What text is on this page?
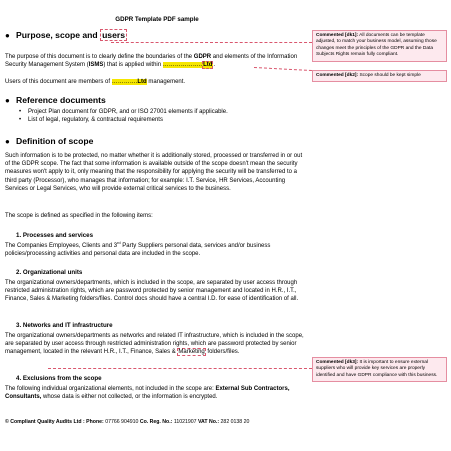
GDPR Template PDF sample
● Purpose, scope and users
The purpose of this document is to clearly define the boundaries of the GDPR and elements of the Information Security Management System (ISMS) that is applied within ………………..Ltd.
Users of this document are members of ………….Ltd management.
● Reference documents
• Project Plan document for GDPR, and or ISO 27001 elements if applicable.
• List of legal, regulatory, & contractual requirements
● Definition of scope
Such information is to be protected, no matter whether it is additionally stored, processed or transferred in or out of the GDPR scope. The fact that some information is available outside of the scope doesn't mean the security measures won't apply to it, only meaning that the responsibility for applying the security will be transferred to a third party (Processor), who manages that information; for example: I.T. Service, HR Services, Accounting Services or Legal Services, who will provide external critical services to the business.
The scope is defined as specified in the following items:
1. Processes and services
The Companies Employees, Clients and 3rd Party Suppliers personal data, services and/or business policies/processing activities and personal data are included in the scope.
2. Organizational units
The organizational owners/departments, which is included in the scope, are separated by user access through restricted administration rights, which are password protected by senior management and located in H.R., I.T., Finance, Sales & Marketing folders/files. Control docs should have a central I.D. for ease of identification of all.
3. Networks and IT infrastructure
The organizational owners/departments as networks and related IT infrastructure, which is included in the scope, are separated by user access through restricted administration rights, which are password protected by senior management, located in the relevant H.R., I.T., Finance, Sales & Marketing folders/files.
4. Exclusions from the scope
The following individual organizational elements, not included in the scope are: External Sub Contractors, Consultants, whose data is either not collected, or the information is encrypted.
Commented [dk1]: All documents can be template adjusted, to match your business model, assuming those changes meet the principles of the GDPR and the Data Subjects Rights remain fully compliant.
Commented [dk2]: Scope should be kept simple
Commented [dk3]: It is important to ensure external suppliers who will provide key services are properly identified and have GDPR compliance with this business.
© Compliant Quality Audits Ltd : Phone: 07766 904910 Co. Reg. No.: 11021907 VAT No.: 282 0138 20
